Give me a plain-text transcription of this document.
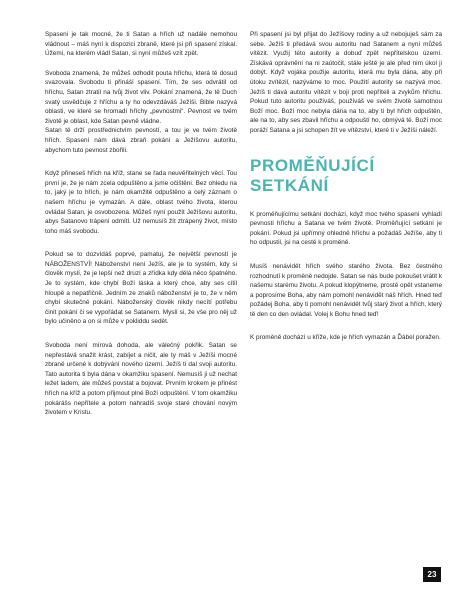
Spaseni je tak mocné, že ti Satan a hřích už nadále nemohou vládnout – máš nyní k dispozici zbraně, které jsi při spasení získal. Úžemi, na kterém vládl Satan, si nyní můžeš vzít zpět.

Svoboda znamená, že můžeš odhodit pouta hříchu, která tě dosud svazovala. Svobodu ti přináší spasení. Tím, že ses odvrátil od hříchu, Satan ztratil na tvůj život vliv. Pokání znamená, že tě Duch svatý usvědčuje z hříchu a ty ho odevzdáváš Ježíši. Bible nazývá oblasti, ve které se hromadí hříchy „pevnostmi“. Pevnost ve tvém životě je oblast, kde Satan pevně vládne.

Satan tě drží prostřednictvím pevností, a tou je ve tvém životě hřích. Spasení nám dává zbraň pokání a Ježíšovu autoritu, abychom tuto pevnost zbořili.

Když přineseš hřích na kříž, stane se řada neuvěřitelných věcí. Tou první je, že je nám zcela odpuštěno a jsme očištěni. Bez ohledu na to, jaký je to hřích, je nám okamžitě odpuštěno a celý záznam o našem hříchu je vymazán. A dále, oblast tvého života, kterou ovládal Satan, je osvobozena. Můžeš nyní použít Ježíšovu autoritu, abys Satanovo trápení odmítl. Už nemusíš žít ztrápený život, místo toho máš svobodu.

Pokud se to dozvídáš poprvé, pamatuj, že největší pevností je NÁBOŽENSTVÍ! Náboženství není Ježíš, ale je to systém, kdy si člověk myslí, že je lepší než druzí a zřídka kdy dělá něco špatného. Je to systém, kde chybí Boží láska a který chce, aby ses cítil hloupě a nepatřičně. Jedním ze znaků náboženství je to, že v něm chybí skutečné pokání. Náboženský člověk nikdy necítí potřebu činit pokání či se vypořádat se Satanem. Myslí si, že vše pro něj už bylo učiněno a on si může v pokliddu sedět.

Svoboda není mírová dohoda, ale válečný pokřik. Satan se nepřestává snažit krást, zabíjet a ničit, ale ty máš v Ježíši mocné zbraně určené k dobývání nového území. Ježíš ti dal svoji autoritu. Tato autorita ti byla dána v okamžiku spasení. Nemusíš ji už nechat ležet ladem, ale můžeš povstat a bojovat. Prvním krokem je přinést hřích na kříž a potom přijmout plné Boží odpuštění. V tom okamžiku pokárášs nepřítele a potom nahradíš svoje staré chování novým životem v Kristu.

Při spasení jsi byl přijat do Ježíšovy rodiny a už nebojuješ sám za sebe. Ježíš ti předává svou autoritu nad Satanem a nyní můžeš vítězit. Využij této autority a dobuď zpět nepřítelskou území. Získává oprávnění na ni zaútočit, stále ještě je ale před nim úkol ji dobýt. Když vojáka použije autoritu, která mu byla dána, aby při útoku zvítězil, nazýváme to moc. Použití autority se nazývá moc. Ježíš ti dává autoritu vítězit v boji proti nepříteli a zvykům hříchu. Pokud tuto autoritu používáš, používáš ve svém životě samotnou Boží moc. Boží moc nebyla dána na to, aby ti byl hřích odpuštěn, ale na to, aby ses zbavil hříchu a odpouští ho, obmývá tě. Boží moc poráží Satana a jsi schopen žít ve vítězství, které ti v Ježíši náleží.

PROMĚŇUJÍCÍ SETKÁNÍ

K proměňujícímu setkání dochází, když moc tvého spasení vyhladí pevnosti hříchu a Satana ve tvém životě. Proměňující setkání je pokání. Pokud jsi upřímný ohledně hříchu a požádáš Ježíše, aby ti ho odpustil, jsi na cestě k proměně.

Musíš nenávidět hřích svého starého života. Bez čestného rozhodnutí k proměně nedojde. Satan se nás bude pokoušet vrátit k našemu starému životu. A pokud klopýtneme, prostě opět vstaneme a poprosíme Boha, aby nám pomohl nenávidět náš hřích. Hned teď požádej Boha, aby ti pomohl nenávidět tvůj starý život a hřích, který tě den co den ovládal. Volej k Bohu hned teď!

K proměně dochází u kříže, kde je hřích vymazán a Ďábel poražen.

23
